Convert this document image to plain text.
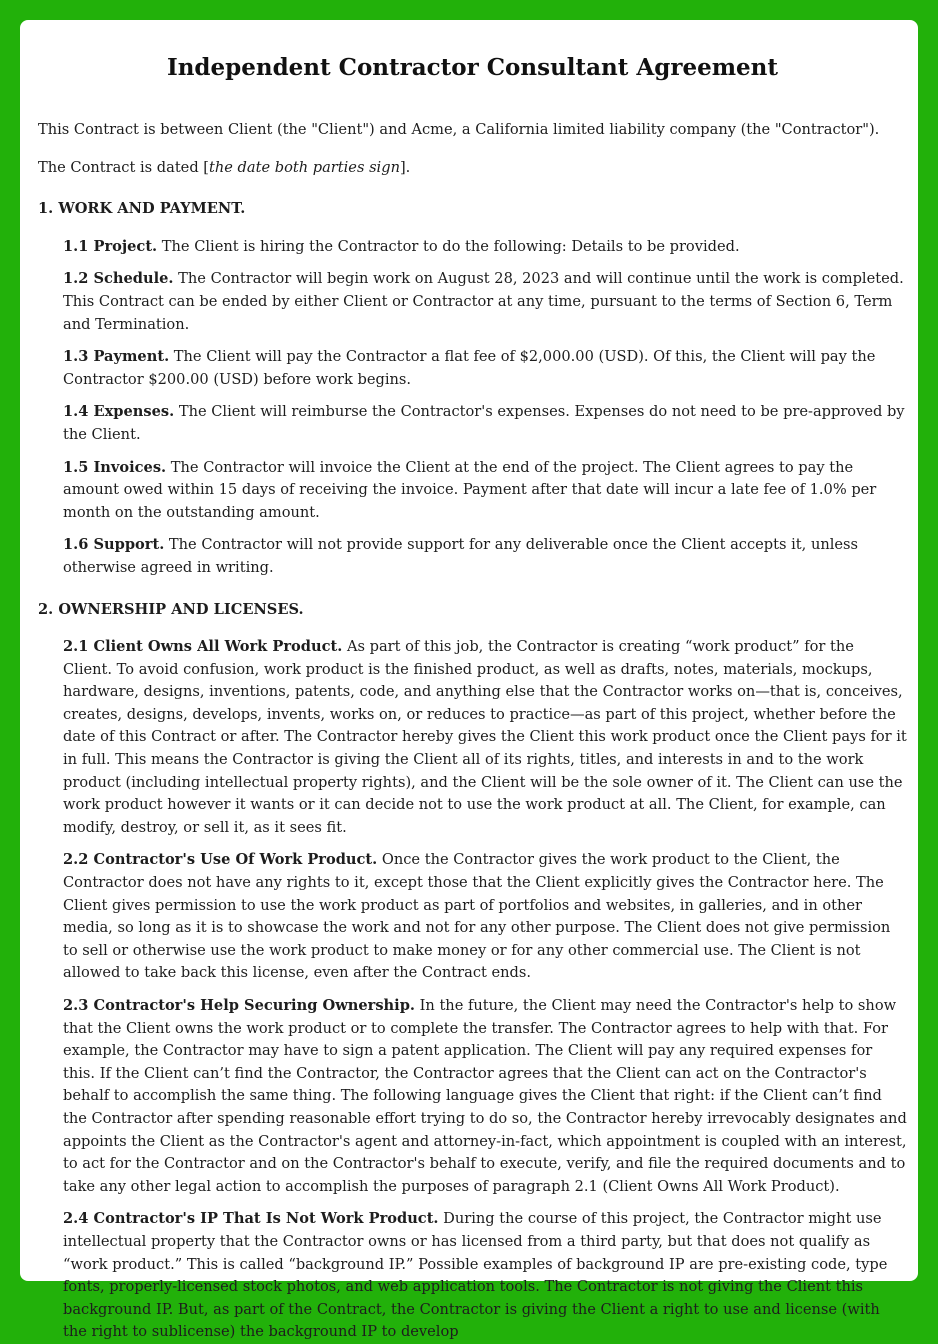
Independent Contractor Consultant Agreement

This Contract is between Client (the "Client") and Acme, a California limited liability company (the "Contractor").

The Contract is dated [the date both parties sign].

1. WORK AND PAYMENT.

1.1 Project. The Client is hiring the Contractor to do the following: Details to be provided.

1.2 Schedule. The Contractor will begin work on August 28, 2023 and will continue until the work is completed. This Contract can be ended by either Client or Contractor at any time, pursuant to the terms of Section 6, Term and Termination.

1.3 Payment. The Client will pay the Contractor a flat fee of $2,000.00 (USD). Of this, the Client will pay the Contractor $200.00 (USD) before work begins.

1.4 Expenses. The Client will reimburse the Contractor's expenses. Expenses do not need to be pre-approved by the Client.

1.5 Invoices. The Contractor will invoice the Client at the end of the project. The Client agrees to pay the amount owed within 15 days of receiving the invoice. Payment after that date will incur a late fee of 1.0% per month on the outstanding amount.

1.6 Support. The Contractor will not provide support for any deliverable once the Client accepts it, unless otherwise agreed in writing.

2. OWNERSHIP AND LICENSES.

2.1 Client Owns All Work Product. As part of this job, the Contractor is creating “work product” for the Client. To avoid confusion, work product is the finished product, as well as drafts, notes, materials, mockups, hardware, designs, inventions, patents, code, and anything else that the Contractor works on—that is, conceives, creates, designs, develops, invents, works on, or reduces to practice—as part of this project, whether before the date of this Contract or after. The Contractor hereby gives the Client this work product once the Client pays for it in full. This means the Contractor is giving the Client all of its rights, titles, and interests in and to the work product (including intellectual property rights), and the Client will be the sole owner of it. The Client can use the work product however it wants or it can decide not to use the work product at all. The Client, for example, can modify, destroy, or sell it, as it sees fit.

2.2 Contractor's Use Of Work Product. Once the Contractor gives the work product to the Client, the Contractor does not have any rights to it, except those that the Client explicitly gives the Contractor here. The Client gives permission to use the work product as part of portfolios and websites, in galleries, and in other media, so long as it is to showcase the work and not for any other purpose. The Client does not give permission to sell or otherwise use the work product to make money or for any other commercial use. The Client is not allowed to take back this license, even after the Contract ends.

2.3 Contractor's Help Securing Ownership. In the future, the Client may need the Contractor's help to show that the Client owns the work product or to complete the transfer. The Contractor agrees to help with that. For example, the Contractor may have to sign a patent application. The Client will pay any required expenses for this. If the Client can’t find the Contractor, the Contractor agrees that the Client can act on the Contractor's behalf to accomplish the same thing. The following language gives the Client that right: if the Client can’t find the Contractor after spending reasonable effort trying to do so, the Contractor hereby irrevocably designates and appoints the Client as the Contractor's agent and attorney-in-fact, which appointment is coupled with an interest, to act for the Contractor and on the Contractor's behalf to execute, verify, and file the required documents and to take any other legal action to accomplish the purposes of paragraph 2.1 (Client Owns All Work Product).

2.4 Contractor's IP That Is Not Work Product. During the course of this project, the Contractor might use intellectual property that the Contractor owns or has licensed from a third party, but that does not qualify as “work product.” This is called “background IP.” Possible examples of background IP are pre-existing code, type fonts, properly-licensed stock photos, and web application tools. The Contractor is not giving the Client this background IP. But, as part of the Contract, the Contractor is giving the Client a right to use and license (with the right to sublicense) the background IP to develop
